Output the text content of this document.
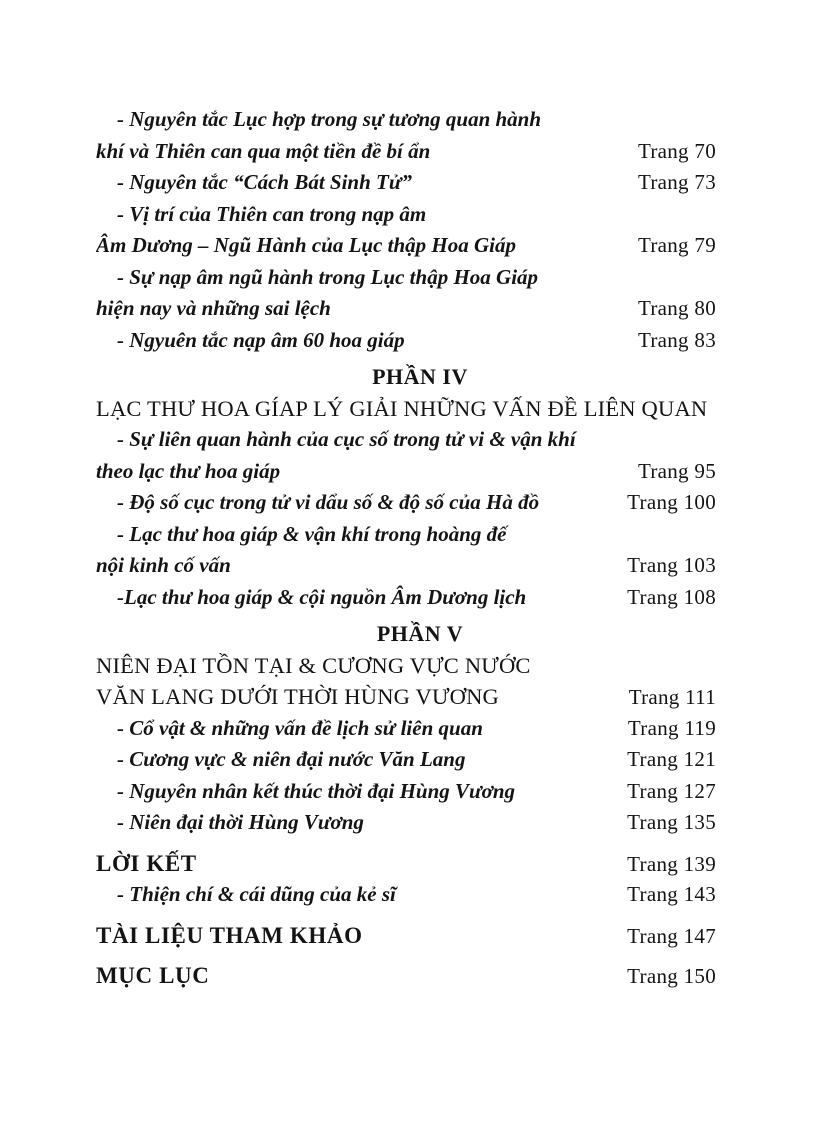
- Nguyên tắc Lục hợp trong sự tương quan hành
khí và Thiên can qua một tiền đề bí ẩn	Trang 70
- Nguyên tắc “Cách Bát Sinh Tử”	Trang 73
- Vị trí của Thiên can trong nạp âm
Âm Dương – Ngũ Hành của Lục thập Hoa Giáp	Trang 79
- Sự nạp âm ngũ hành trong Lục thập Hoa Giáp
hiện nay và những sai lệch	Trang 80
- Ngyuên tắc nạp âm 60 hoa giáp	Trang 83
PHẦN IV
LẠC THƯ HOA GÍAP LÝ GIẢI NHỮNG VẤN ĐỀ LIÊN QUAN
- Sự liên quan hành của cục số trong tử vi & vận khí
theo lạc thư hoa giáp	Trang 95
- Độ số cục trong tử vi dẩu số & độ số của Hà đồ	Trang 100
- Lạc thư hoa giáp & vận khí trong hoàng đế
nội kinh cố vấn	Trang 103
-Lạc thư hoa giáp & cội nguồn Âm Dương lịch	Trang 108
PHẦN V
NIÊN ĐẠI TỒN TẠI & CƯƠNG VỰC NƯỚC
VĂN LANG DƯỚI THỜI HÙNG VƯƠNG	Trang 111
- Cổ vật & những vấn đề lịch sử liên quan	Trang 119
- Cương vực & niên đại nước Văn Lang	Trang 121
- Nguyên nhân kết thúc thời đại Hùng Vương	Trang 127
- Niên đại thời Hùng Vương	Trang 135
LỜI KẾT	Trang 139
- Thiện chí & cái dũng của kẻ sĩ	Trang 143
TÀI LIỆU THAM KHẢO	Trang 147
MỤC LỤC	Trang 150
